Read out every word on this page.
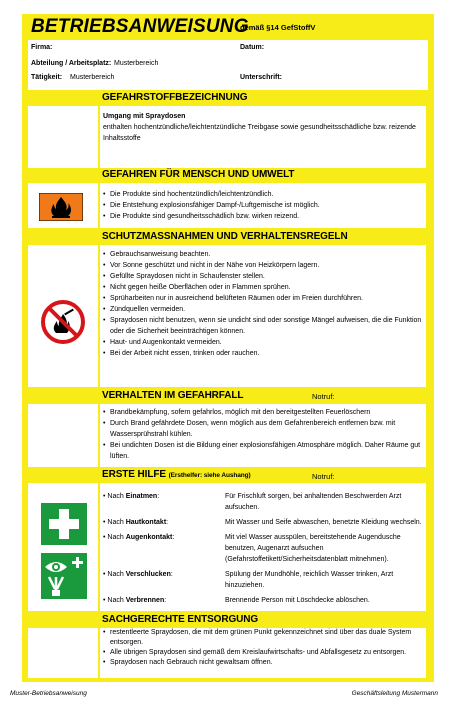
BETRIEBSANWEISUNG
gemäß §14 GefStoffV
Firma:	Datum:
Abteilung / Arbeitsplatz: Musterbereich
Tätigkeit: Musterbereich	Unterschrift:
GEFAHRSTOFFBEZEICHNUNG
Umgang mit Spraydosen
enthalten hochentzündliche/leichtentzündliche Treibgase sowie gesundheitsschädliche bzw. reizende Inhaltsstoffe
GEFAHREN FÜR MENSCH UND UMWELT
• Die Produkte sind hochentzündlich/leichtentzündlich.
• Die Entstehung explosionsfähiger Dampf-/Luftgemische ist möglich.
• Die Produkte sind gesundheitsschädlich bzw. wirken reizend.
SCHUTZMASSNAHMEN UND VERHALTENSREGELN
• Gebrauchsanweisung beachten.
• Vor Sonne geschützt und nicht in der Nähe von Heizkörpern lagern.
• Gefüllte Spraydosen nicht in Schaufenster stellen.
• Nicht gegen heiße Oberflächen oder in Flammen sprühen.
• Sprüharbeiten nur in ausreichend belüfteten Räumen oder im Freien durchführen.
• Zündquellen vermeiden.
• Spraydosen nicht benutzen, wenn sie undicht sind oder sonstige Mängel aufweisen, die die Funktion oder die Sicherheit beeinträchtigen können.
• Haut- und Augenkontakt vermeiden.
• Bei der Arbeit nicht essen, trinken oder rauchen.
VERHALTEN IM GEFAHRFALL	Notruf:
• Brandbekämpfung, sofern gefahrlos, möglich mit den bereitgestellten Feuerlöschern
• Durch Brand gefährdete Dosen, wenn möglich aus dem Gefahrenbereich entfernen bzw. mit Wassersprühstrahl kühlen.
• Bei undichten Dosen ist die Bildung einer explosionsfähigen Atmosphäre möglich. Daher Räume gut lüften.
ERSTE HILFE (Ersthelfer: siehe Aushang)	Notruf:
• Nach Einatmen:	Für Frischluft sorgen, bei anhaltenden Beschwerden Arzt aufsuchen.
• Nach Hautkontakt:	Mit Wasser und Seife abwaschen, benetzte Kleidung wechseln.
• Nach Augenkontakt:	Mit viel Wasser ausspülen, bereitstehende Augendusche benutzen, Augenarzt aufsuchen (Gefahrstoffetikett/Sicherheitsdatenblatt mitnehmen).
• Nach Verschlucken:	Spülung der Mundhöhle, reichlich Wasser trinken, Arzt hinzuziehen.
• Nach Verbrennen:	Brennende Person mit Löschdecke ablöschen.
SACHGERECHTE ENTSORGUNG
• restentleerte Spraydosen, die mit dem grünen Punkt gekennzeichnet sind über das duale System entsorgen.
• Alle übrigen Spraydosen sind gemäß dem Kreislaufwirtschafts- und Abfallsgesetz zu entsorgen.
• Spraydosen nach Gebrauch nicht gewaltsam öffnen.
Muster-Betriebsanweisung	Geschäftsleitung Mustermann
